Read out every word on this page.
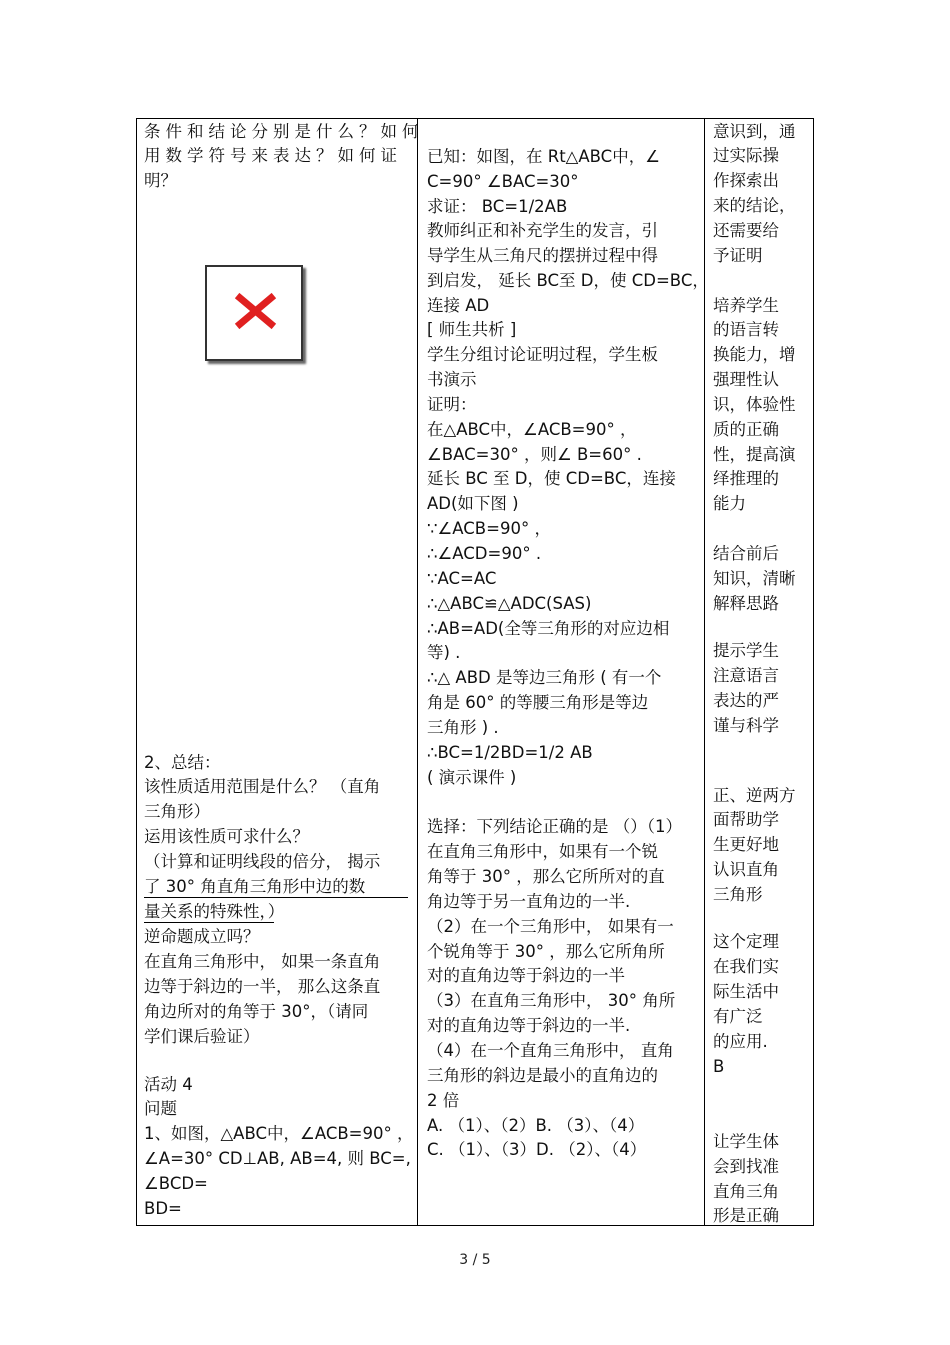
条件和结论分别是什么？如何
用数学符号来表达？如何证
明？
2、总结：
该性质适用范围是什么？ （直角
三角形）
运用该性质可求什么？
（计算和证明线段的倍分， 揭示
了 30° 角直角三角形中边的数
量关系的特殊性，）
逆命题成立吗？
在直角三角形中， 如果一条直角
边等于斜边的一半， 那么这条直
角边所对的角等于 30°，（请同
学们课后验证）
活动 4
问题
1、如图，△ABC中，∠ACB=90° ，
∠A=30° CD⊥AB, AB=4, 则 BC=,
∠BCD=
BD=
已知：如图，在 Rt△ABC中，∠
C=90° ∠BAC=30°
求证： BC=1/2AB
教师纠正和补充学生的发言，引
导学生从三角尺的摆拼过程中得
到启发， 延长 BC至 D，使 CD=BC，
连接 AD
[ 师生共析 ]
学生分组讨论证明过程，学生板
书演示
证明：
在△ABC中，∠ACB=90° ，
∠BAC=30° ，则∠ B=60° .
延长 BC 至 D，使 CD=BC，连接
AD(如下图 )
∵∠ACB=90° ，
∴∠ACD=90° .
∵AC=AC
∴△ABC≌△ADC(SAS)
∴AB=AD(全等三角形的对应边相
等) .
∴△ ABD 是等边三角形 ( 有一个
角是 60° 的等腰三角形是等边
三角形 ) .
∴BC=1/2BD=1/2 AB
( 演示课件 )
选择：下列结论正确的是 （）（1）
在直角三角形中，如果有一个锐
角等于 30° ，那么它所所对的直
角边等于另一直角边的一半.
（2）在一个三角形中， 如果有一
个锐角等于 30° ，那么它所角所
对的直角边等于斜边的一半
（3）在直角三角形中， 30° 角所
对的直角边等于斜边的一半.
（4）在一个直角三角形中， 直角
三角形的斜边是最小的直角边的
2 倍
A. （1）、（2）B. （3）、（4）
C. （1）、（3）D. （2）、（4）
意识到，通
过实际操
作探索出
来的结论，
还需要给
予证明
培养学生
的语言转
换能力，增
强理性认
识，体验性
质的正确
性，提高演
绎推理的
能力
结合前后
知识，清晰
解释思路
提示学生
注意语言
表达的严
谨与科学
正、逆两方
面帮助学
生更好地
认识直角
三角形
这个定理
在我们实
际生活中
有广泛
的应用.
B
让学生体
会到找准
直角三角
形是正确
3 / 5
